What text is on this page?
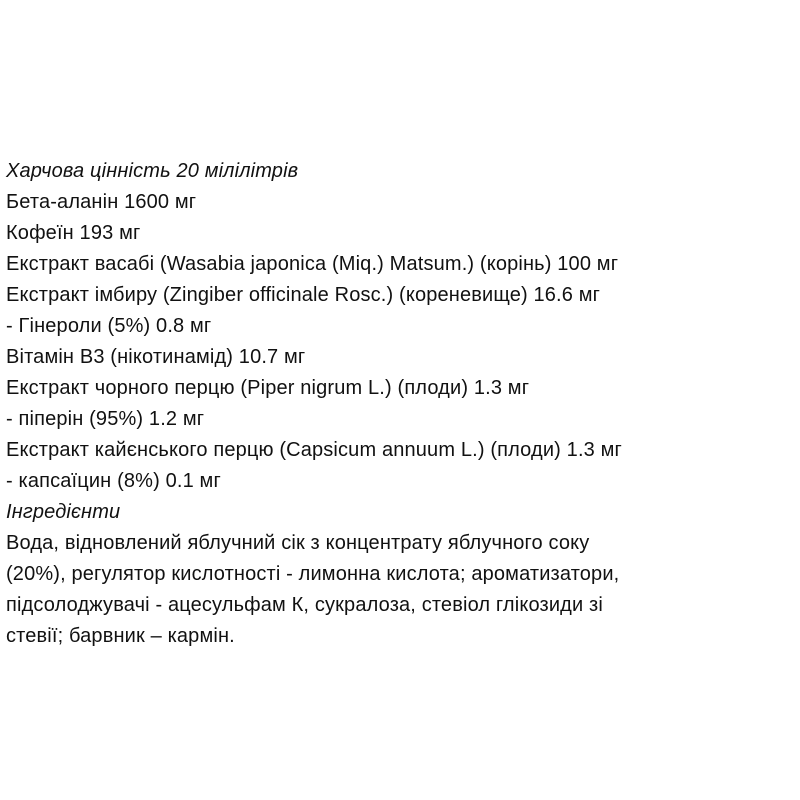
Харчова цінність 20 мілілітрів
Бета-аланін 1600 мг
Кофеїн 193 мг
Екстракт васабі (Wasabia japonica (Miq.) Matsum.) (корінь) 100 мг
Екстракт імбиру (Zingiber officinale Rosc.) (кореневище) 16.6 мг
- Гінероли (5%) 0.8 мг
Вітамін В3 (нікотинамід) 10.7 мг
Екстракт чорного перцю (Piper nigrum L.) (плоди) 1.3 мг
- піперін (95%) 1.2 мг
Екстракт кайєнського перцю (Capsicum annuum L.) (плоди) 1.3 мг
- капсаїцин (8%) 0.1 мг
Інгредієнти
Вода, відновлений яблучний сік з концентрату яблучного соку
(20%), регулятор кислотності - лимонна кислота; ароматизатори,
підсолоджувачі - ацесульфам К, сукралоза, стевіол глікозиди зі
стевії; барвник – кармін.
